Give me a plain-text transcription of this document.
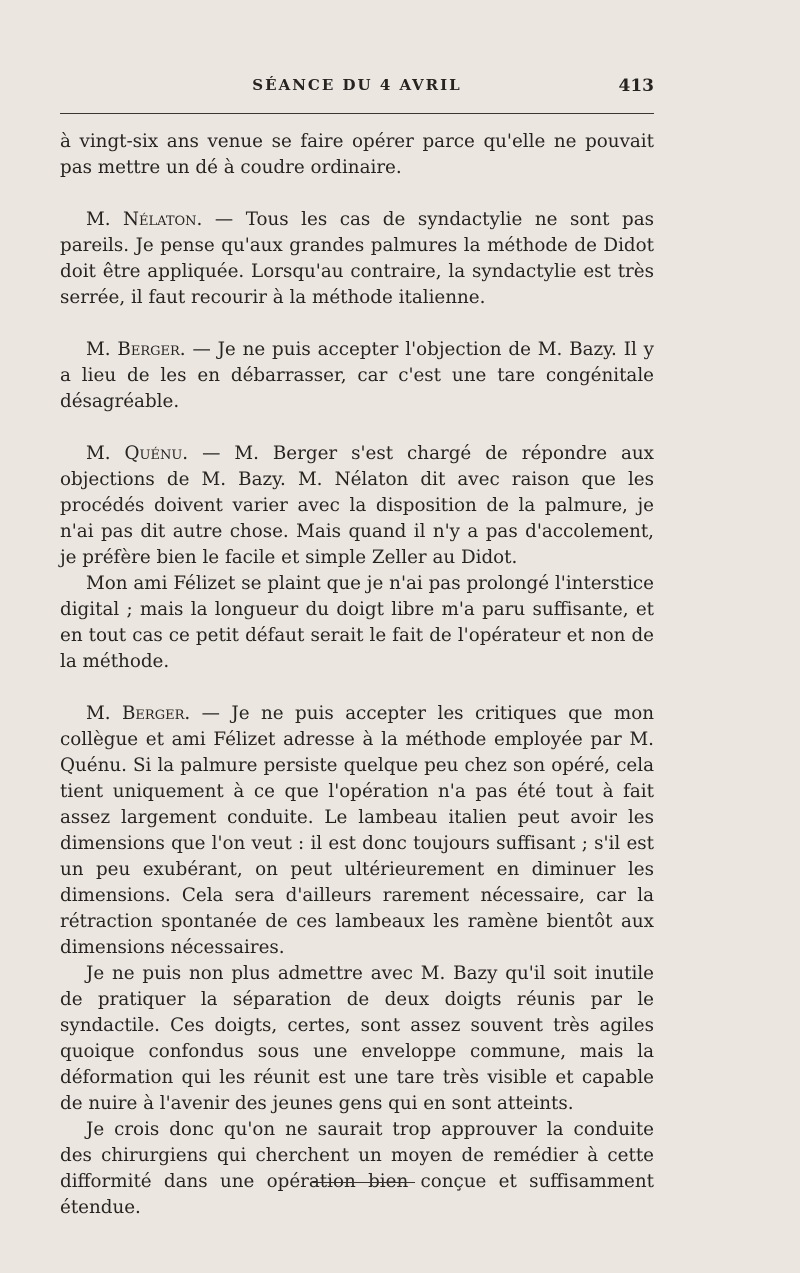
SÉANCE DU 4 AVRIL	413

à vingt-six ans venue se faire opérer parce qu'elle ne pouvait pas mettre un dé à coudre ordinaire.

M. Nélaton. — Tous les cas de syndactylie ne sont pas pareils. Je pense qu'aux grandes palmures la méthode de Didot doit être appliquée. Lorsqu'au contraire, la syndactylie est très serrée, il faut recourir à la méthode italienne.

M. Berger. — Je ne puis accepter l'objection de M. Bazy. Il y a lieu de les en débarrasser, car c'est une tare congénitale désagréable.

M. Quénu. — M. Berger s'est chargé de répondre aux objections de M. Bazy. M. Nélaton dit avec raison que les procédés doivent varier avec la disposition de la palmure, je n'ai pas dit autre chose. Mais quand il n'y a pas d'accolement, je préfère bien le facile et simple Zeller au Didot.

Mon ami Félizet se plaint que je n'ai pas prolongé l'interstice digital ; mais la longueur du doigt libre m'a paru suffisante, et en tout cas ce petit défaut serait le fait de l'opérateur et non de la méthode.

M. Berger. — Je ne puis accepter les critiques que mon collègue et ami Félizet adresse à la méthode employée par M. Quénu. Si la palmure persiste quelque peu chez son opéré, cela tient uniquement à ce que l'opération n'a pas été tout à fait assez largement conduite. Le lambeau italien peut avoir les dimensions que l'on veut : il est donc toujours suffisant ; s'il est un peu exubérant, on peut ultérieurement en diminuer les dimensions. Cela sera d'ailleurs rarement nécessaire, car la rétraction spontanée de ces lambeaux les ramène bientôt aux dimensions nécessaires.

Je ne puis non plus admettre avec M. Bazy qu'il soit inutile de pratiquer la séparation de deux doigts réunis par le syndactile. Ces doigts, certes, sont assez souvent très agiles quoique confondus sous une enveloppe commune, mais la déformation qui les réunit est une tare très visible et capable de nuire à l'avenir des jeunes gens qui en sont atteints.

Je crois donc qu'on ne saurait trop approuver la conduite des chirurgiens qui cherchent un moyen de remédier à cette difformité dans une opération bien conçue et suffisamment étendue.
